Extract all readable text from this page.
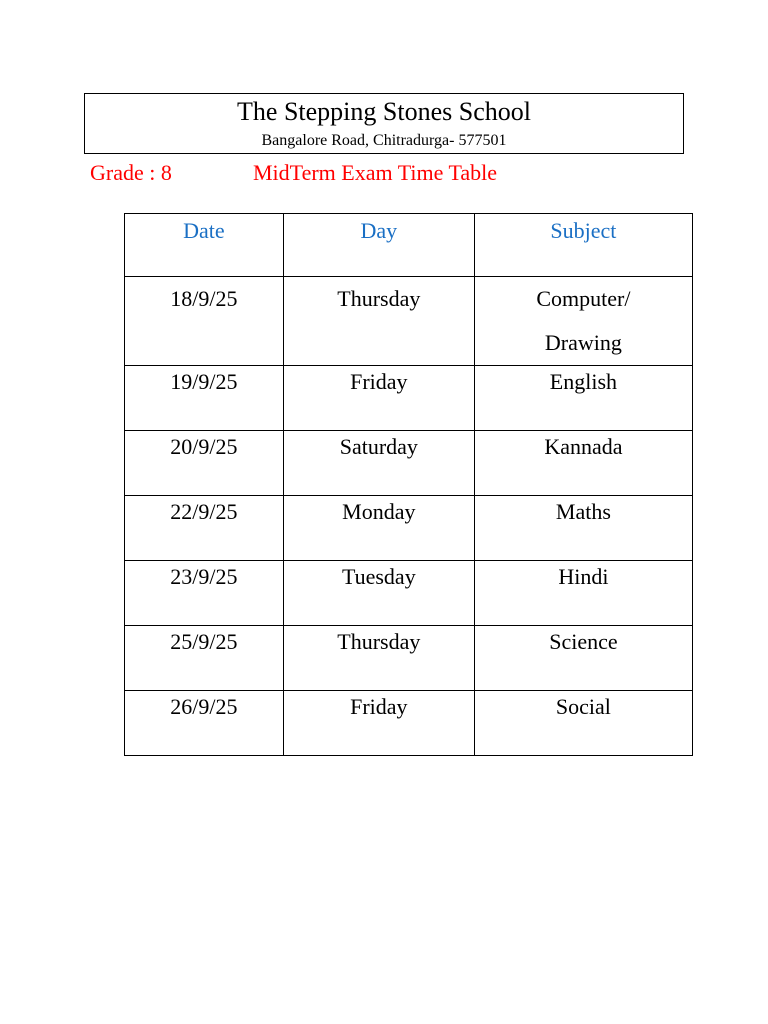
The Stepping Stones School
Bangalore Road, Chitradurga- 577501
Grade : 8	MidTerm Exam Time Table
Date	Day	Subject
18/9/25	Thursday	Computer/
Drawing
19/9/25	Friday	English
20/9/25	Saturday	Kannada
22/9/25	Monday	Maths
23/9/25	Tuesday	Hindi
25/9/25	Thursday	Science
26/9/25	Friday	Social
